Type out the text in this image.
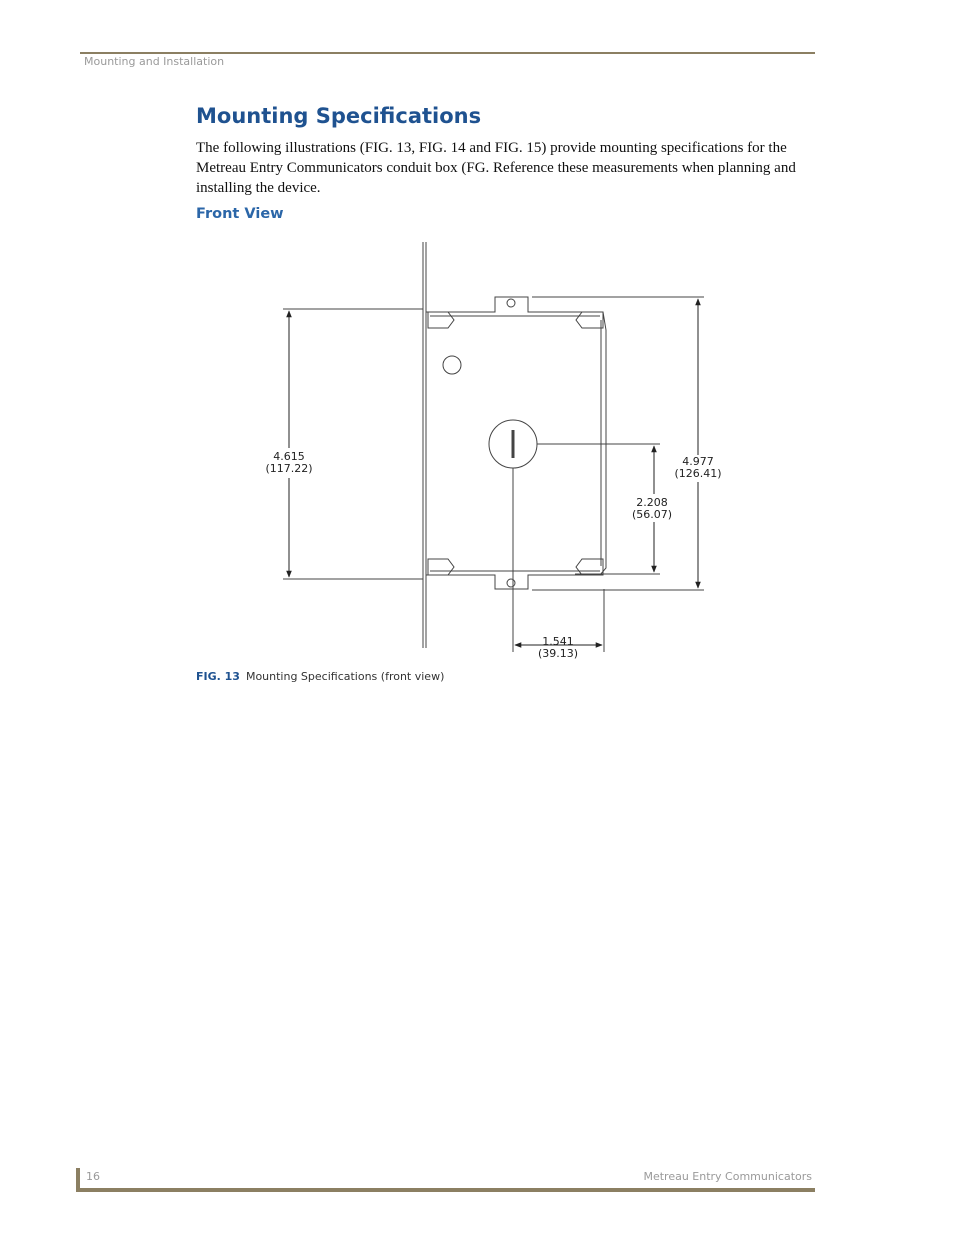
Mounting and Installation
Mounting Specifications

The following illustrations (FIG. 13, FIG. 14 and FIG. 15) provide mounting specifications for the Metreau Entry Communicators conduit box (FG. Reference these measurements when planning and installing the device.

Front View
4.615
(117.22)
4.977
(126.41)
2.208
(56.07)
1.541
(39.13)
FIG. 13 Mounting Specifications (front view)
16	Metreau Entry Communicators
